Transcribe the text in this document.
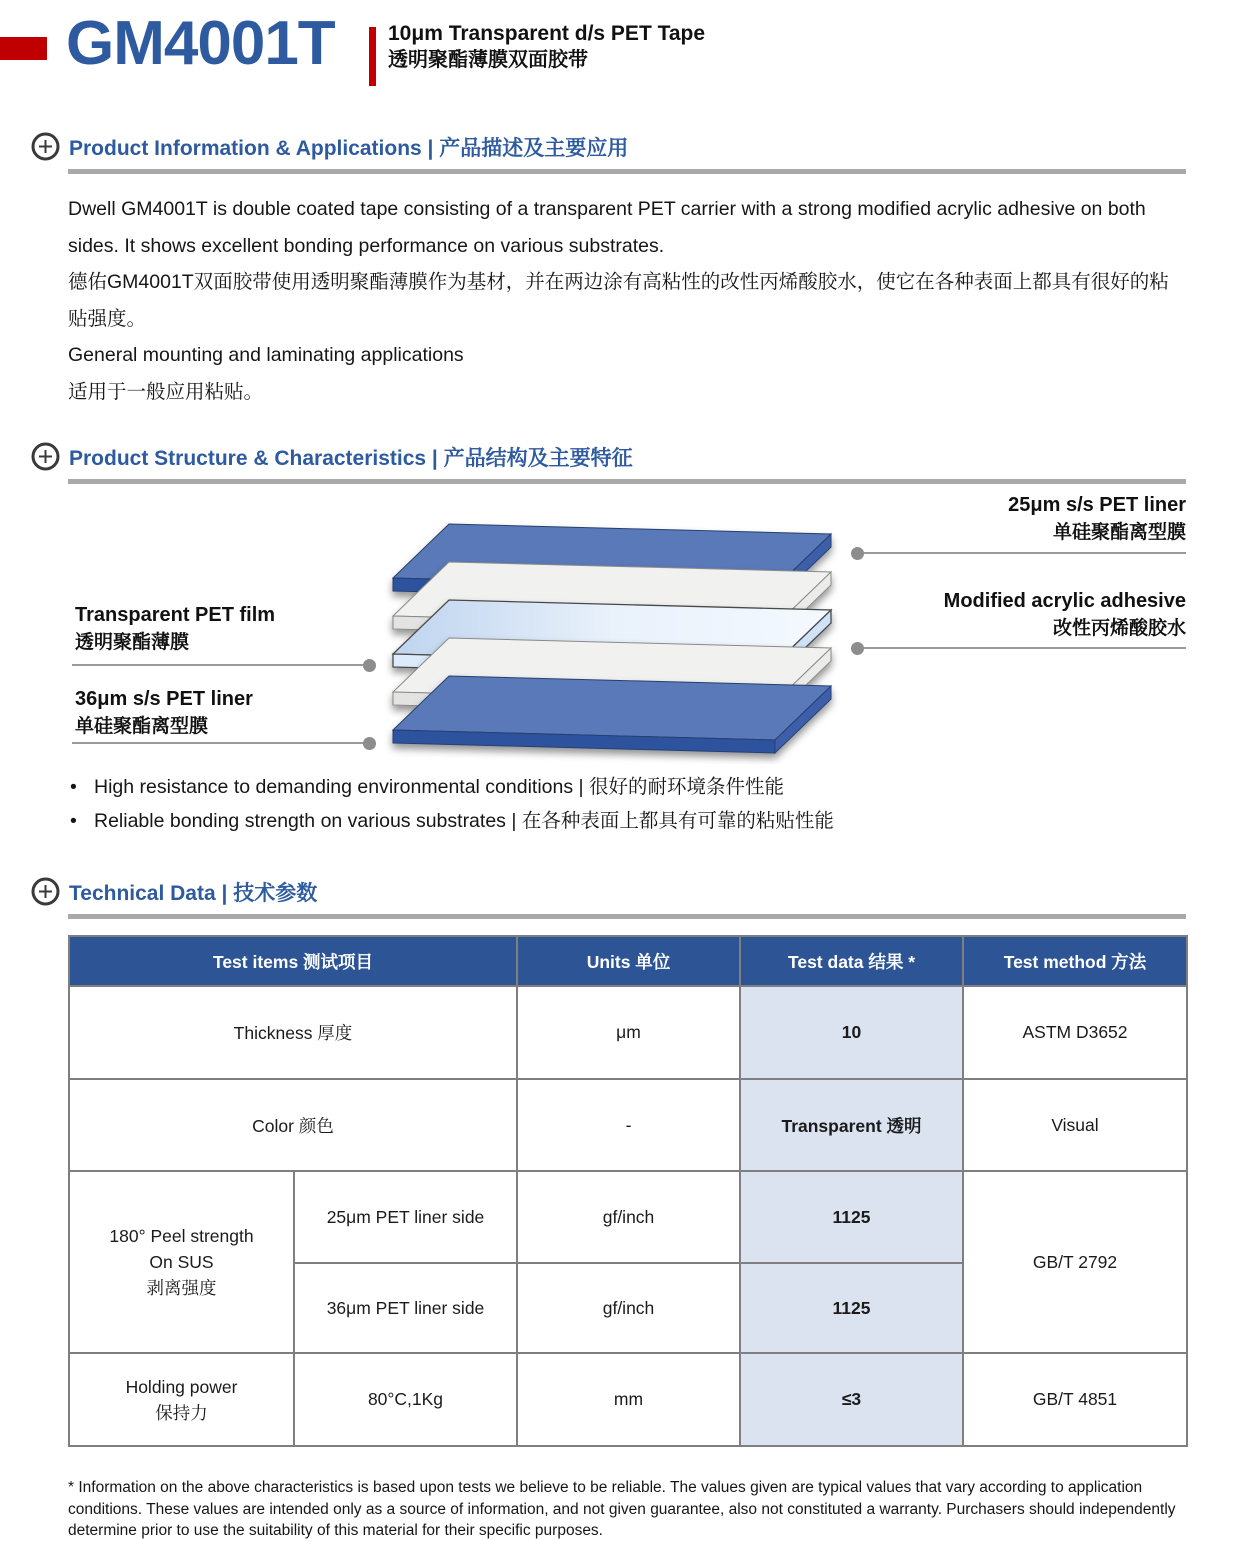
GM4001T	10μm Transparent d/s PET Tape
透明聚酯薄膜双面胶带
Product Information & Applications | 产品描述及主要应用

Dwell GM4001T is double coated tape consisting of a transparent PET carrier with a strong modified acrylic adhesive on both sides. It shows excellent bonding performance on various substrates.

德佑GM4001T双面胶带使用透明聚酯薄膜作为基材，并在两边涂有高粘性的改性丙烯酸胶水，使它在各种表面上都具有很好的粘贴强度。

General mounting and laminating applications

适用于一般应用粘贴。

Product Structure & Characteristics | 产品结构及主要特征
25μm s/s PET liner
单硅聚酯离型膜
Modified acrylic adhesive
改性丙烯酸胶水
Transparent PET film
透明聚酯薄膜
36μm s/s PET liner
单硅聚酯离型膜
• High resistance to demanding environmental conditions | 很好的耐环境条件性能
• Reliable bonding strength on various substrates | 在各种表面上都具有可靠的粘贴性能
Technical Data | 技术参数
Test items 测试项目		Units 单位	Test data 结果 *	Test method 方法
Thickness 厚度		μm	10	ASTM D3652
Color 颜色		-	Transparent 透明	Visual

180° Peel strength
On SUS
剥离强度	25μm PET liner side	gf/inch	1125	GB/T 2792
	36μm PET liner side	gf/inch	1125	

Holding power
保持力	80°C,1Kg	mm	≤3	GB/T 4851
* Information on the above characteristics is based upon tests we believe to be reliable. The values given are typical values that vary according to application conditions. These values are intended only as a source of information, and not given guarantee, also not constituted a warranty. Purchasers should independently determine prior to use the suitability of this material for their specific purposes.
